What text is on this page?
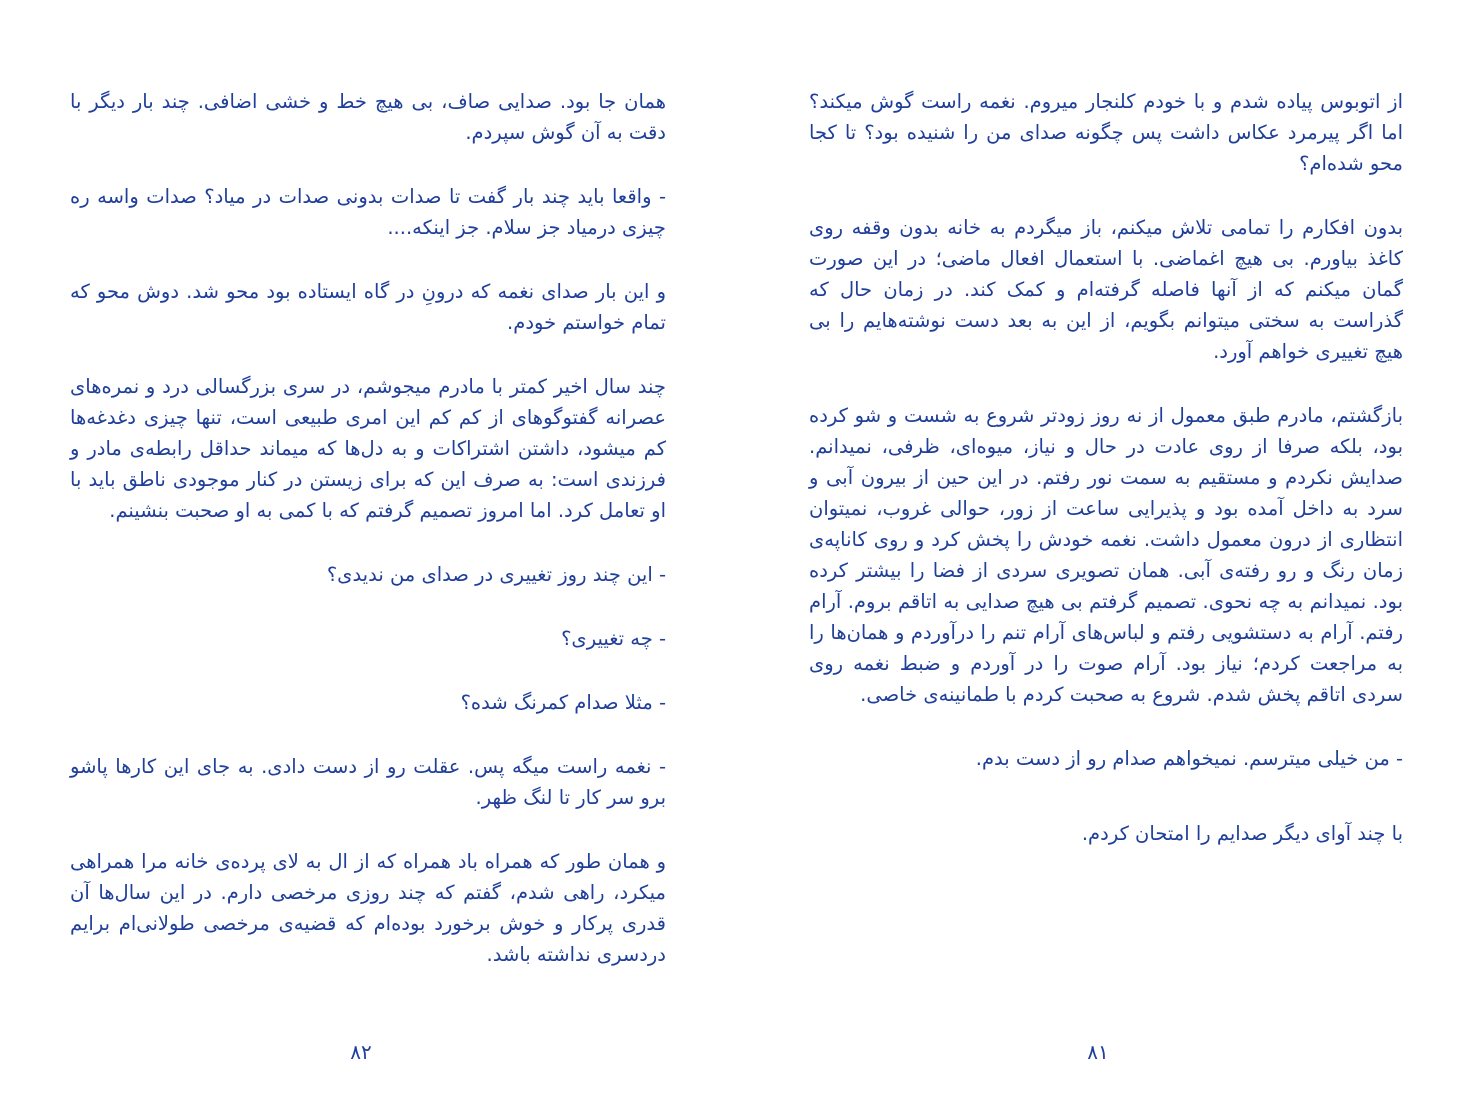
همان جا بود. صدایی صاف، بی هیچ خط و خشی اضافی. چند بار دیگر با دقت به آن گوش سپردم.

- واقعا باید چند بار گفت تا صدات بدونی صدات در میاد؟ صدات واسه ره چیزی درمیاد جز سلام. جز اینکه....

و این بار صدای نغمه که درونِ در گاه ایستاده بود محو شد. دوش محو که تمام خواستم خودم.

چند سال اخیر کمتر با مادرم میجوشم، در سری بزرگسالی درد و نمره‌های عصرانه گفتوگوهای از کم کم این امری طبیعی است، تنها چیزی دغدغه‌ها کم میشود، داشتن اشتراکات و به دل‌ها که میماند حداقل رابطه‌ی مادر و فرزندی است: به صرف این که برای زیستن در کنار موجودی ناطق باید با او تعامل کرد. اما امروز تصمیم گرفتم که با کمی به او صحبت بنشینم.

- این چند روز تغییری در صدای من ندیدی؟

- چه تغییری؟

- مثلا صدام کمرنگ شده؟

- نغمه راست میگه پس. عقلت رو از دست دادی. به جای این کارها پاشو برو سر کار تا لنگ ظهر.

و همان طور که همراه باد همراه که از ال به لای پرده‌ی خانه مرا همراهی میکرد، راهی شدم، گفتم که چند روزی مرخصی دارم. در این سال‌ها آن قدری پرکار و خوش برخورد بوده‌ام که قضیه‌ی مرخصی طولانی‌ام برایم دردسری نداشته باشد.

۸۲

از اتوبوس پیاده شدم و با خودم کلنجار میروم. نغمه راست گوش میکند؟ اما اگر پیرمرد عکاس داشت پس چگونه صدای من را شنیده بود؟ تا کجا محو شده‌ام؟

بدون افکارم را تمامی تلاش میکنم، باز میگردم به خانه بدون وقفه روی کاغذ بیاورم. بی هیچ اغماضی. با استعمال افعال ماضی؛ در این صورت گمان میکنم که از آنها فاصله گرفته‌ام و کمک کند. در زمان حال که گذراست به سختی میتوانم بگویم، از این به بعد دست نوشته‌هایم را بی هیچ تغییری خواهم آورد.

بازگشتم، مادرم طبق معمول از نه روز زودتر شروع به شست و شو کرده بود، بلکه صرفا از روی عادت در حال و نیاز، میوه‌ای، ظرفی، نمیدانم. صدایش نکردم و مستقیم به سمت نور رفتم. در این حین از بیرون آبی و سرد به داخل آمده بود و پذیرایی ساعت از زور، حوالی غروب، نمیتوان انتظاری از درون معمول داشت. نغمه خودش را پخش کرد و روی کاناپه‌ی زمان رنگ و رو رفته‌ی آبی. همان تصویری سردی از فضا را بیشتر کرده بود. نمیدانم به چه نحوی. تصمیم گرفتم بی هیچ صدایی به اتاقم بروم. آرام رفتم. آرام به دستشویی رفتم و لباس‌های آرام تنم را درآوردم و همان‌ها را به مراجعت کردم؛ نیاز بود. آرام صوت را در آوردم و ضبط نغمه روی سردی اتاقم پخش شدم. شروع به صحبت کردم با طمانینه‌ی خاصی.

- من خیلی میترسم. نمیخواهم صدام رو از دست بدم.

با چند آوای دیگر صدایم را امتحان کردم.

۸۱
